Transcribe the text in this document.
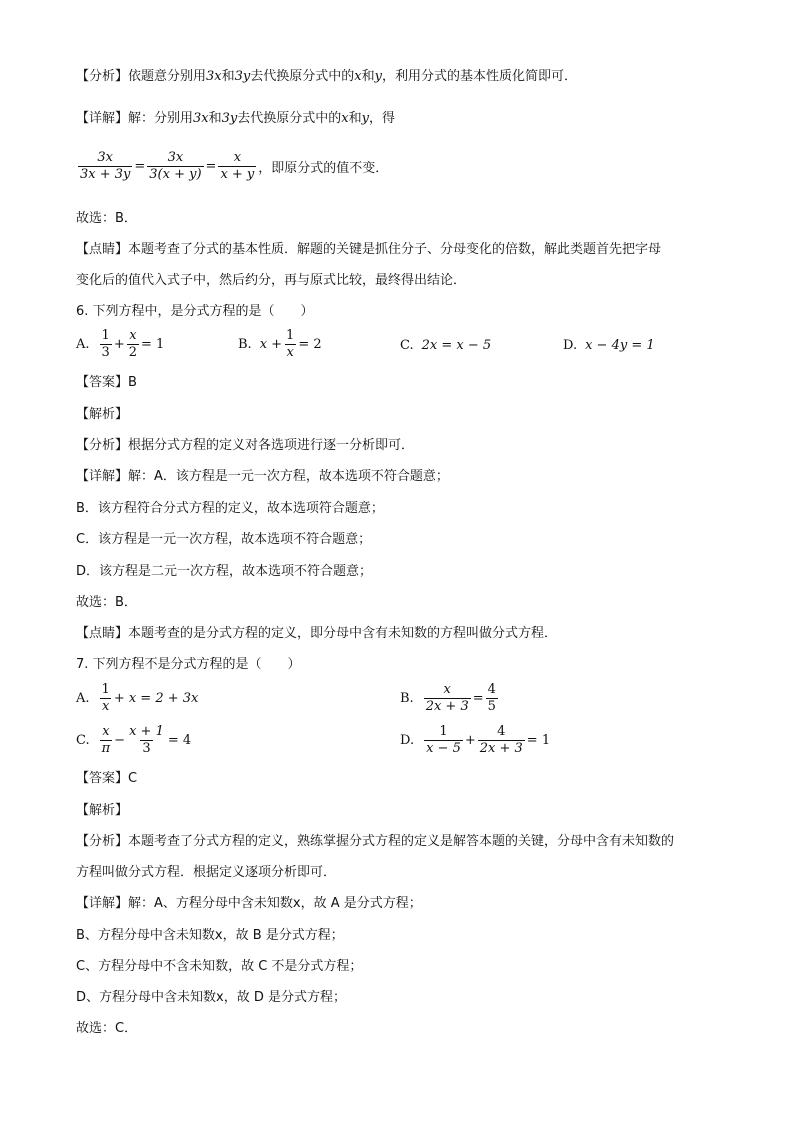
【分析】依题意分别用3x和3y去代换原分式中的x和y，利用分式的基本性质化简即可．
【详解】解：分别用3x和3y去代换原分式中的x和y，得
$\frac{3x}{3x + 3y} = \frac{3x}{3(x + y)} = \frac{x}{x + y}$ ，即原分式的值不变．
故选：B．
【点睛】本题考查了分式的基本性质．解题的关键是抓住分子、分母变化的倍数，解此类题首先把字母
变化后的值代入式子中，然后约分，再与原式比较，最终得出结论．
6. 下列方程中，是分式方程的是（　　）
A. $\frac{1}{3} + \frac{x}{2} = 1$	B. $x + \frac{1}{x} = 2$	C. 2x = x − 5	D. x − 4y = 1
【答案】B
【解析】
【分析】根据分式方程的定义对各选项进行逐一分析即可．
【详解】解：A．该方程是一元一次方程，故本选项不符合题意；
B．该方程符合分式方程的定义，故本选项符合题意；
C．该方程是一元一次方程，故本选项不符合题意；
D．该方程是二元一次方程，故本选项不符合题意；
故选：B．
【点睛】本题考查的是分式方程的定义，即分母中含有未知数的方程叫做分式方程．
7. 下列方程不是分式方程的是（　　）
A. $\frac{1}{x} + x = 2 + 3x$	B. $\frac{x}{2x + 3} = \frac{4}{5}$
C. $\frac{x}{\pi} - \frac{x + 1}{3} = 4$	D. $\frac{1}{x - 5} + \frac{4}{2x + 3} = 1$
【答案】C
【解析】
【分析】本题考查了分式方程的定义，熟练掌握分式方程的定义是解答本题的关键，分母中含有未知数的
方程叫做分式方程．根据定义逐项分析即可．
【详解】解：A、方程分母中含未知数x，故 A 是分式方程；
B、方程分母中含未知数x，故 B 是分式方程；
C、方程分母中不含未知数，故 C 不是分式方程；
D、方程分母中含未知数x，故 D 是分式方程；
故选：C．
